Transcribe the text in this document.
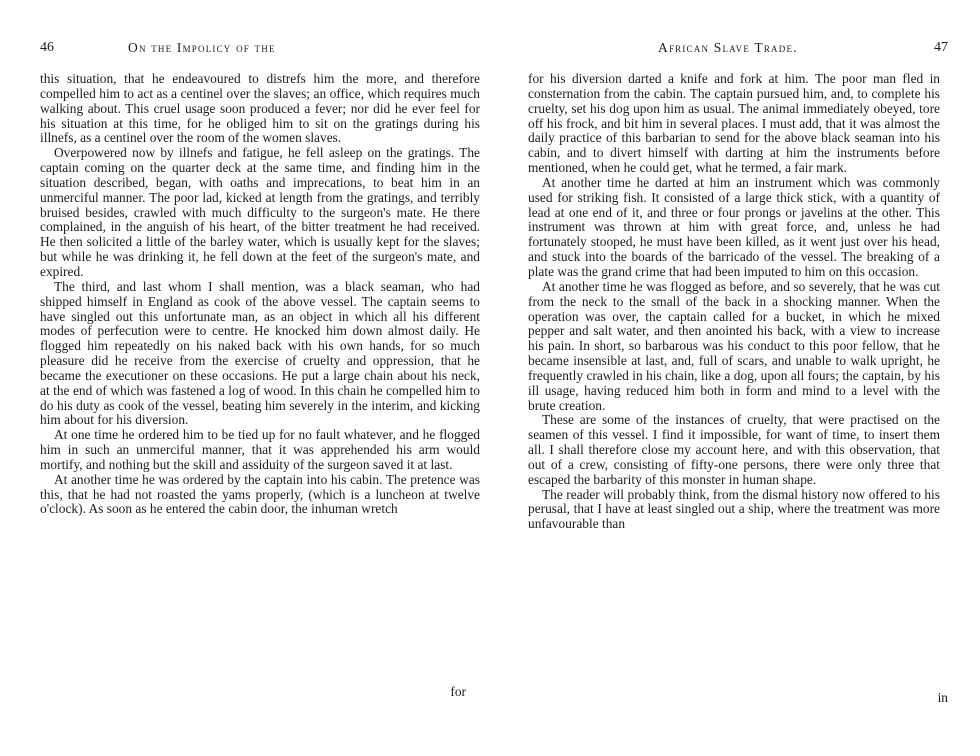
46	On the Impolicy of the

this situation, that he endeavoured to distrefs him the more, and therefore compelled him to act as a centinel over the slaves; an office, which requires much walking about. This cruel usage soon produced a fever; nor did he ever feel for his situation at this time, for he obliged him to sit on the gratings during his illnefs, as a centinel over the room of the women slaves.

Overpowered now by illnefs and fatigue, he fell asleep on the gratings. The captain coming on the quarter deck at the same time, and finding him in the situation described, began, with oaths and imprecations, to beat him in an unmerciful manner. The poor lad, kicked at length from the gratings, and terribly bruised besides, crawled with much difficulty to the surgeon's mate. He there complained, in the anguish of his heart, of the bitter treatment he had received. He then solicited a little of the barley water, which is usually kept for the slaves; but while he was drinking it, he fell down at the feet of the surgeon's mate, and expired.

The third, and last whom I shall mention, was a black seaman, who had shipped himself in England as cook of the above vessel. The captain seems to have singled out this unfortunate man, as an object in which all his different modes of perfecution were to centre. He knocked him down almost daily. He flogged him repeatedly on his naked back with his own hands, for so much pleasure did he receive from the exercise of cruelty and oppression, that he became the executioner on these occasions. He put a large chain about his neck, at the end of which was fastened a log of wood. In this chain he compelled him to do his duty as cook of the vessel, beating him severely in the interim, and kicking him about for his diversion.

At one time he ordered him to be tied up for no fault whatever, and he flogged him in such an unmerciful manner, that it was apprehended his arm would mortify, and nothing but the skill and assiduity of the surgeon saved it at last.

At another time he was ordered by the captain into his cabin. The pretence was this, that he had not roasted the yams properly, (which is a luncheon at twelve o'clock). As soon as he entered the cabin door, the inhuman wretch

for
African Slave Trade.	47

for his diversion darted a knife and fork at him. The poor man fled in consternation from the cabin. The captain pursued him, and, to complete his cruelty, set his dog upon him as usual. The animal immediately obeyed, tore off his frock, and bit him in several places. I must add, that it was almost the daily practice of this barbarian to send for the above black seaman into his cabin, and to divert himself with darting at him the instruments before mentioned, when he could get, what he termed, a fair mark.

At another time he darted at him an instrument which was commonly used for striking fish. It consisted of a large thick stick, with a quantity of lead at one end of it, and three or four prongs or javelins at the other. This instrument was thrown at him with great force, and, unless he had fortunately stooped, he must have been killed, as it went just over his head, and stuck into the boards of the barricado of the vessel. The breaking of a plate was the grand crime that had been imputed to him on this occasion.

At another time he was flogged as before, and so severely, that he was cut from the neck to the small of the back in a shocking manner. When the operation was over, the captain called for a bucket, in which he mixed pepper and salt water, and then anointed his back, with a view to increase his pain. In short, so barbarous was his conduct to this poor fellow, that he became insensible at last, and, full of scars, and unable to walk upright, he frequently crawled in his chain, like a dog, upon all fours; the captain, by his ill usage, having reduced him both in form and mind to a level with the brute creation.

These are some of the instances of cruelty, that were practised on the seamen of this vessel. I find it impossible, for want of time, to insert them all. I shall therefore close my account here, and with this observation, that out of a crew, consisting of fifty-one persons, there were only three that escaped the barbarity of this monster in human shape.

The reader will probably think, from the dismal history now offered to his perusal, that I have at least singled out a ship, where the treatment was more unfavourable than

in
